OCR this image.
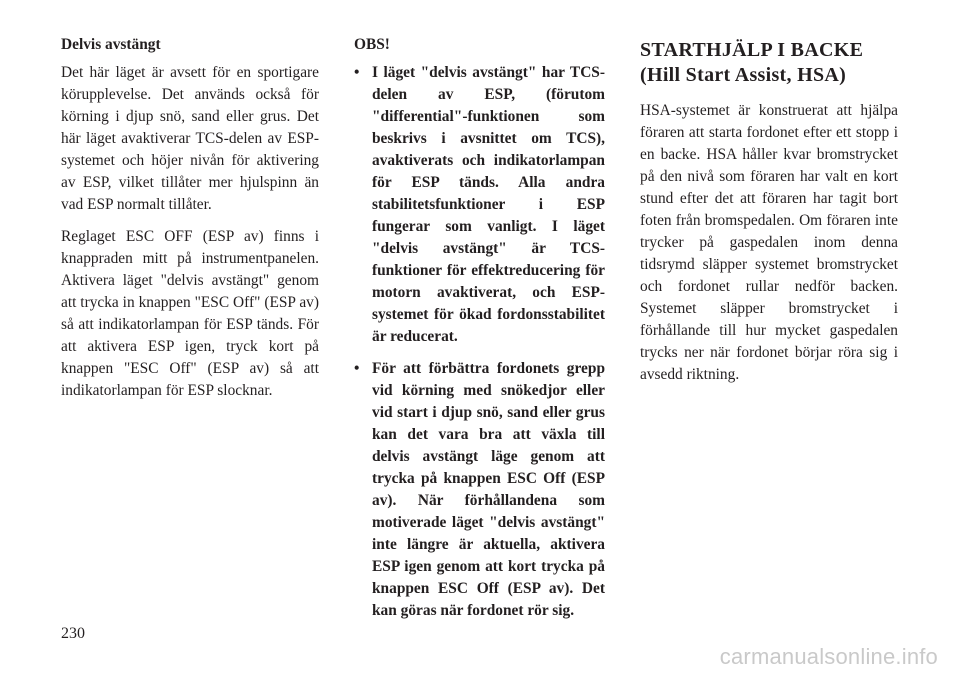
Delvis avstängt

Det här läget är avsett för en sportigare körupplevelse. Det används också för körning i djup snö, sand eller grus. Det här läget avaktiverar TCS-delen av ESP-systemet och höjer nivån för aktivering av ESP, vilket tillåter mer hjulspinn än vad ESP normalt tillåter.

Reglaget ESC OFF (ESP av) finns i knappraden mitt på instrumentpanelen. Aktivera läget "delvis avstängt" genom att trycka in knappen "ESC Off" (ESP av) så att indikatorlampan för ESP tänds. För att aktivera ESP igen, tryck kort på knappen "ESC Off" (ESP av) så att indikatorlampan för ESP slocknar.

OBS!
• I läget "delvis avstängt" har TCS-delen av ESP, (förutom "differential"-funktionen som beskrivs i avsnittet om TCS), avaktiverats och indikatorlampan för ESP tänds. Alla andra stabilitetsfunktioner i ESP fungerar som vanligt. I läget "delvis avstängt" är TCS-funktioner för effektreducering för motorn avaktiverat, och ESP-systemet för ökad fordonsstabilitet är reducerat.
• För att förbättra fordonets grepp vid körning med snökedjor eller vid start i djup snö, sand eller grus kan det vara bra att växla till delvis avstängt läge genom att trycka på knappen ESC Off (ESP av). När förhållandena som motiverade läget "delvis avstängt" inte längre är aktuella, aktivera ESP igen genom att kort trycka på knappen ESC Off (ESP av). Det kan göras när fordonet rör sig.
STARTHJÄLP I BACKE (Hill Start Assist, HSA)

HSA-systemet är konstruerat att hjälpa föraren att starta fordonet efter ett stopp i en backe. HSA håller kvar bromstrycket på den nivå som föraren har valt en kort stund efter det att föraren har tagit bort foten från bromspedalen. Om föraren inte trycker på gaspedalen inom denna tidsrymd släpper systemet bromstrycket och fordonet rullar nedför backen. Systemet släpper bromstrycket i förhållande till hur mycket gaspedalen trycks ner när fordonet börjar röra sig i avsedd riktning.

230
carmanualsonline.info
